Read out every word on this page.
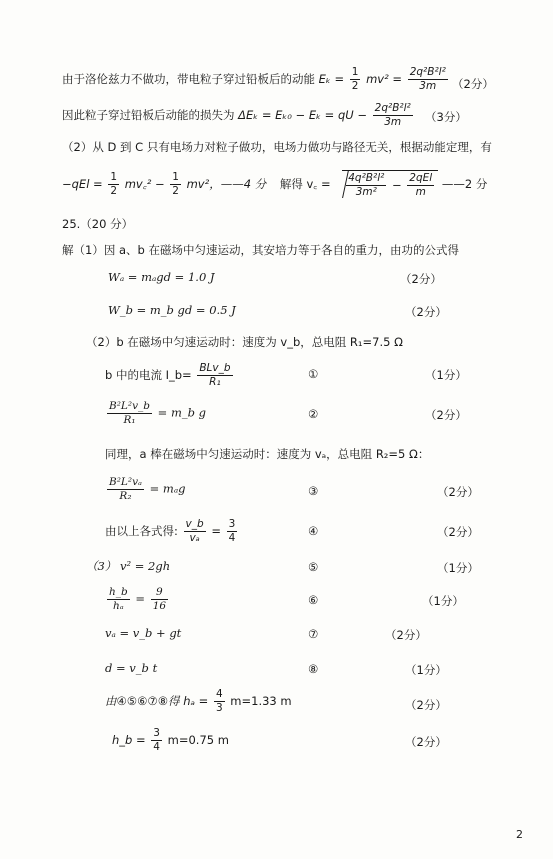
由于洛伦兹力不做功，带电粒子穿过铅板后的动能 $E_k = \frac{1}{2} mv^2 = \frac{\text{2q²B²l²}}{3m} (2$分）
因此粒子穿过铅板后动能的损失为 ΔEₖ = Eₖ₀ − Eₖ = qU − $\frac{\text{2q²B²l²}}{3m} (3$分）
（2）从 D 到 C 只有电场力对粒子做功，电场力做功与路径无关，根据动能定理，有
$-qEl = \frac{1}{2}$ mv꜀² − $\frac{1}{2} mv^2$，——4 分 解得 v꜀ = $\frac{\text{4q²B²l²}}{\text{3m²}} - \frac{\text{2qEl}}{m}$ ——2 分
25.（20 分）
解（1）因 a、b 在磁场中匀速运动，其安培力等于各自的重力，由功的公式得
Wₐ = mₐgd = 1.0 J	（2分）
W_b = m_b gd = 0.5 J	（2分）
（2）b 在磁场中匀速运动时：速度为 v_b，总电阻 R₁=7.5 Ω
b 中的电流 I_b= $\frac{\text{BLv\_b}}{\text{R₁}}$	①	（1分）
$\frac{\text{B²L²v\_b}}{\text{R₁}}$ = m_b g	②	（2分）
同理，a 棒在磁场中匀速运动时：速度为 vₐ，总电阻 R₂=5 Ω：
$\frac{\text{B²L²vₐ}}{\text{R₂}} = m_ag$	③	（2分）
由以上各式得: $\frac{v\_b}{\text{vₐ}} = \frac{3}{4}$	④	（2分）
（3） v² = 2gh	⑤	（1分）
$\frac{h\_b}{\text{hₐ}} = \frac{9}{16}$	⑥	（1分）
vₐ = v_b + gt	⑦	（2分）
d = v_b t	⑧	（1分）
由④⑤⑥⑦⑧得 $h_a = \frac{4}{3} m=1.33$ m	（2分）
h_b = $\frac{3}{4} m=0.75$ m	（2分）
2
